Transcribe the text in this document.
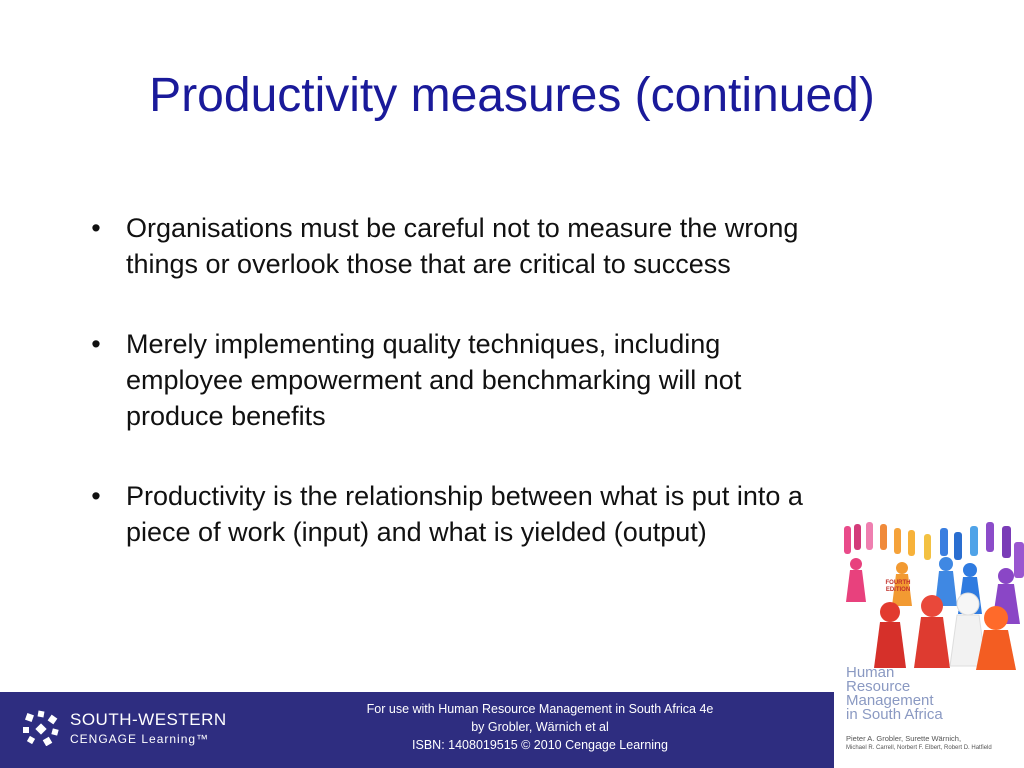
Productivity measures (continued)
• Organisations must be careful not to measure the wrong things or overlook those that are critical to success
• Merely implementing quality techniques, including employee empowerment and benchmarking will not produce benefits
• Productivity is the relationship between what is put into a piece of work (input) and what is yielded (output)
FOURTH
EDITION
Human
Resource
Management
in South Africa
Pieter A. Grobler, Surette Wärnich,
Michael R. Carrell, Norbert F. Elbert, Robert D. Hatfield
SOUTH-WESTERN
CENGAGE Learning™
For use with Human Resource Management in South Africa 4e
by Grobler, Wärnich et al
ISBN: 1408019515 © 2010 Cengage Learning
